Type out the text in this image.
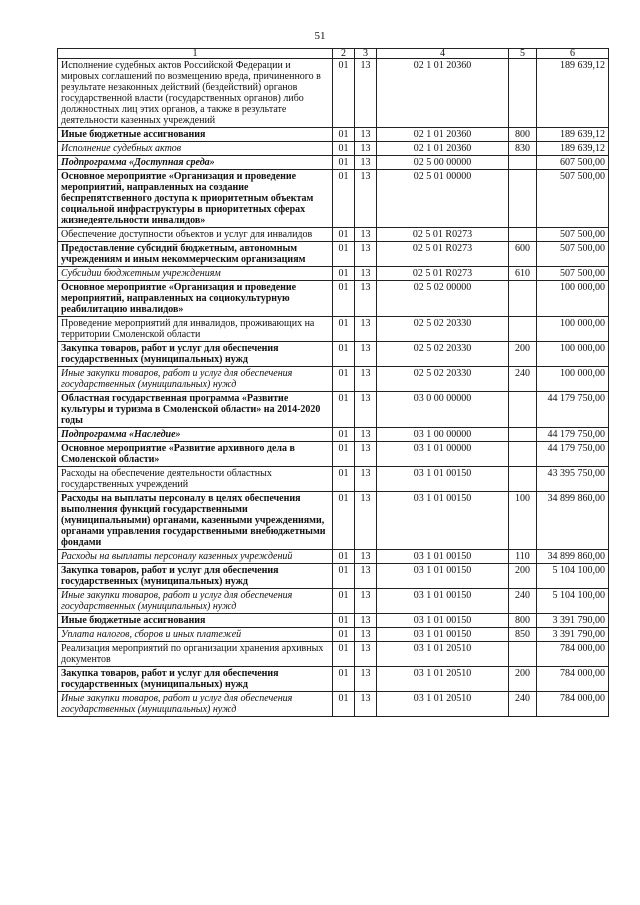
51
1	2	3	4	5	6
Исполнение судебных актов Российской Федерации и мировых соглашений по возмещению вреда, причиненного в результате незаконных действий (бездействий) органов государственной власти (государственных органов) либо должностных лиц этих органов, а также в результате деятельности казенных учреждений	01	13	02 1 01 20360		189 639,12
Иные бюджетные ассигнования	01	13	02 1 01 20360	800	189 639,12
Исполнение судебных актов	01	13	02 1 01 20360	830	189 639,12
Подпрограмма «Доступная среда»	01	13	02 5 00 00000		607 500,00
Основное мероприятие «Организация и проведение мероприятий, направленных на создание беспрепятственного доступа к приоритетным объектам социальной инфраструктуры в приоритетных сферах жизнедеятельности инвалидов»	01	13	02 5 01 00000		507 500,00
Обеспечение доступности объектов и услуг для инвалидов	01	13	02 5 01 R0273		507 500,00
Предоставление субсидий бюджетным, автономным учреждениям и иным некоммерческим организациям	01	13	02 5 01 R0273	600	507 500,00
Субсидии бюджетным учреждениям	01	13	02 5 01 R0273	610	507 500,00
Основное мероприятие «Организация и проведение мероприятий, направленных на социокультурную реабилитацию инвалидов»	01	13	02 5 02 00000		100 000,00
Проведение мероприятий для инвалидов, проживающих на территории Смоленской области	01	13	02 5 02 20330		100 000,00
Закупка товаров, работ и услуг для обеспечения государственных (муниципальных) нужд	01	13	02 5 02 20330	200	100 000,00
Иные закупки товаров, работ и услуг для обеспечения государственных (муниципальных) нужд	01	13	02 5 02 20330	240	100 000,00
Областная государственная программа «Развитие культуры и туризма в Смоленской области» на 2014-2020 годы	01	13	03 0 00 00000		44 179 750,00
Подпрограмма «Наследие»	01	13	03 1 00 00000		44 179 750,00
Основное мероприятие «Развитие архивного дела в Смоленской области»	01	13	03 1 01 00000		44 179 750,00
Расходы на обеспечение деятельности областных государственных учреждений	01	13	03 1 01 00150		43 395 750,00
Расходы на выплаты персоналу в целях обеспечения выполнения функций государственными (муниципальными) органами, казенными учреждениями, органами управления государственными внебюджетными фондами	01	13	03 1 01 00150	100	34 899 860,00
Расходы на выплаты персоналу казенных учреждений	01	13	03 1 01 00150	110	34 899 860,00
Закупка товаров, работ и услуг для обеспечения государственных (муниципальных) нужд	01	13	03 1 01 00150	200	5 104 100,00
Иные закупки товаров, работ и услуг для обеспечения государственных (муниципальных) нужд	01	13	03 1 01 00150	240	5 104 100,00
Иные бюджетные ассигнования	01	13	03 1 01 00150	800	3 391 790,00
Уплата налогов, сборов и иных платежей	01	13	03 1 01 00150	850	3 391 790,00
Реализация мероприятий по организации хранения архивных документов	01	13	03 1 01 20510		784 000,00
Закупка товаров, работ и услуг для обеспечения государственных (муниципальных) нужд	01	13	03 1 01 20510	200	784 000,00
Иные закупки товаров, работ и услуг для обеспечения государственных (муниципальных) нужд	01	13	03 1 01 20510	240	784 000,00
